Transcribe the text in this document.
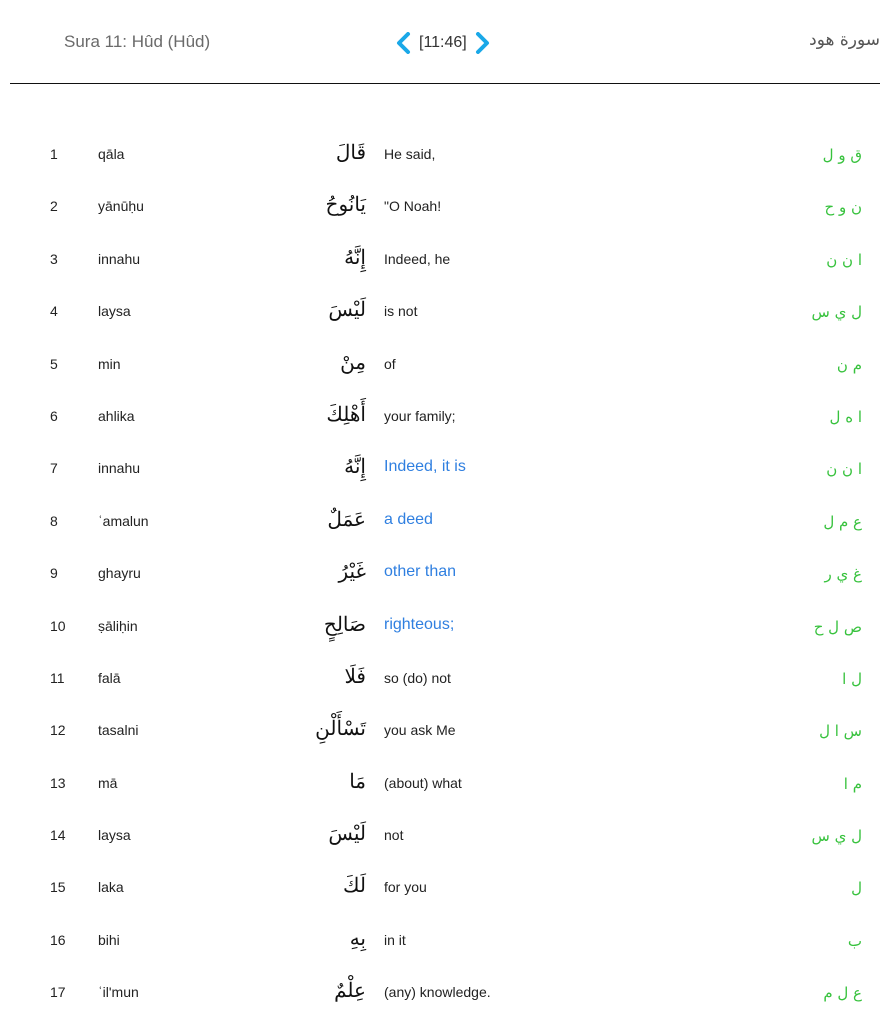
Sura 11: Hûd (Hûd)	[11:46]	سورة هود
1	qāla	قَالَ He said,	ق و ل
2	yānūḥu	يَانُوحُ "O Noah!	ن و ح
3	innahu	إِنَّهُ Indeed, he	ا ن ن
4	laysa	لَيْسَ is not	ل ي س
5	min	مِنْ of	م ن
6	ahlika	أَهْلِكَ your family;	ا ه ل
7	innahu	إِنَّهُ Indeed, it is	ا ن ن
8	ʿamalun	عَمَلٌ a deed	ع م ل
9	ghayru	غَيْرُ other than	غ ي ر
10 ṣāliḥin	صَالِحٍ righteous;	ص ل ح
11 falā	فَلَا so (do) not	ل ا
12 tasalni	تَسْأَلْنِ you ask Me	س ا ل
13 mā	مَا (about) what	م ا
14 laysa	لَيْسَ not	ل ي س
15 laka	لَكَ for you	ل
16 bihi	بِهِ in it	ب
17 ʿil'mun	عِلْمٌ (any) knowledge.	ع ل م
